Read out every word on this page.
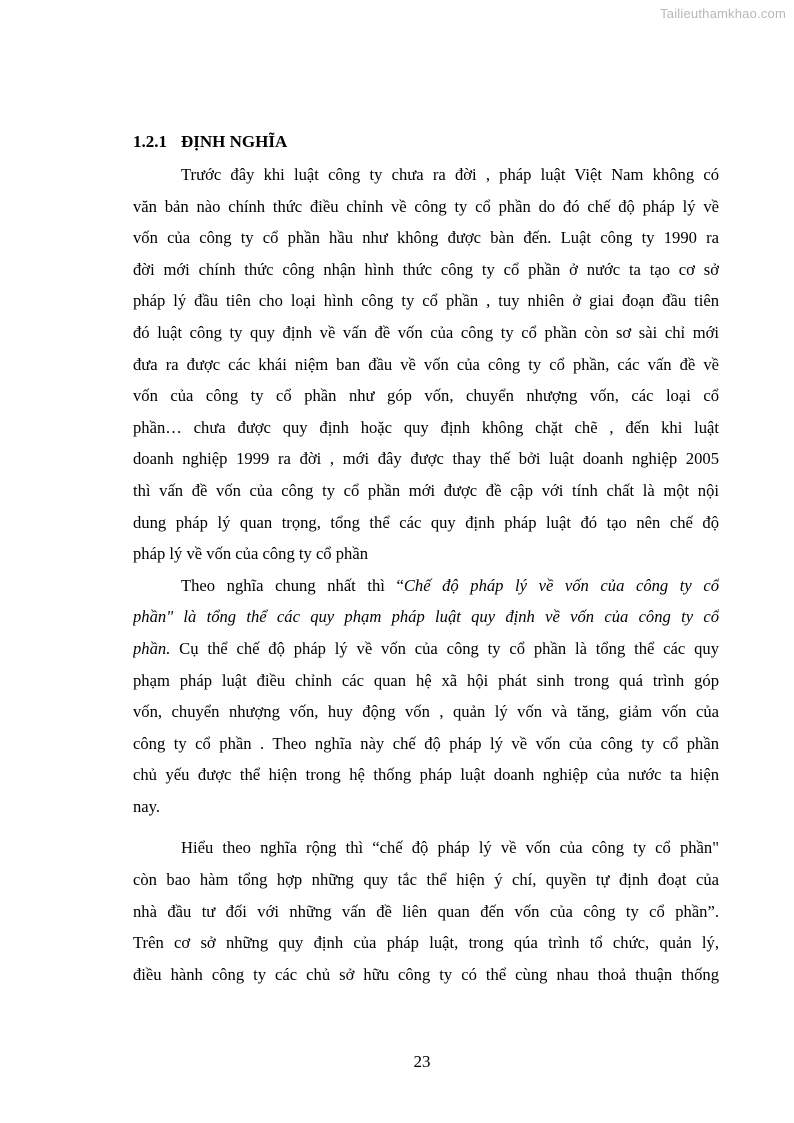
Tailieuthamkhao.com
1.2.1 ĐỊNH NGHĨA

Trước đây khi luật công ty chưa ra đời , pháp luật Việt Nam không có
văn bản nào chính thức điều chỉnh về công ty cổ phần do đó chế độ pháp lý về
vốn của công ty cổ phần hầu như không được bàn đến. Luật công ty 1990 ra
đời mới chính thức công nhận hình thức công ty cổ phần ở nước ta tạo cơ sở
pháp lý đầu tiên cho loại hình công ty cổ phần , tuy nhiên ở giai đoạn đầu tiên
đó luật công ty quy định về vấn đề vốn của công ty cổ phần còn sơ sài chỉ mới
đưa ra được các khái niệm ban đầu về vốn của công ty cổ phần, các vấn đề về
vốn của công ty cổ phần như góp vốn, chuyển nhượng vốn, các loại cổ
phần… chưa được quy định hoặc quy định không chặt chẽ , đến khi luật
doanh nghiệp 1999 ra đời , mới đây được thay thế bởi luật doanh nghiệp 2005
thì vấn đề vốn của công ty cổ phần mới được đề cập với tính chất là một nội
dung pháp lý quan trọng, tổng thể các quy định pháp luật đó tạo nên chế độ
pháp lý về vốn của công ty cổ phần

Theo nghĩa chung nhất thì “Chế độ pháp lý về vốn của công ty cổ
phần" là tổng thể các quy phạm pháp luật quy định về vốn của công ty cổ
phần. Cụ thể chế độ pháp lý về vốn của công ty cổ phần là tổng thể các quy
phạm pháp luật điều chỉnh các quan hệ xã hội phát sinh trong quá trình góp
vốn, chuyển nhượng vốn, huy động vốn , quản lý vốn và tăng, giảm vốn của
công ty cổ phần . Theo nghĩa này chế độ pháp lý về vốn của công ty cổ phần
chủ yếu được thể hiện trong hệ thống pháp luật doanh nghiệp của nước ta hiện
nay.

Hiểu theo nghĩa rộng thì “chế độ pháp lý về vốn của công ty cổ phần"
còn bao hàm tổng hợp những quy tắc thể hiện ý chí, quyền tự định đoạt của
nhà đầu tư đối với những vấn đề liên quan đến vốn của công ty cổ phần”.
Trên cơ sở những quy định của pháp luật, trong qúa trình tổ chức, quản lý,
điều hành công ty các chủ sở hữu công ty có thể cùng nhau thoả thuận thống

23
